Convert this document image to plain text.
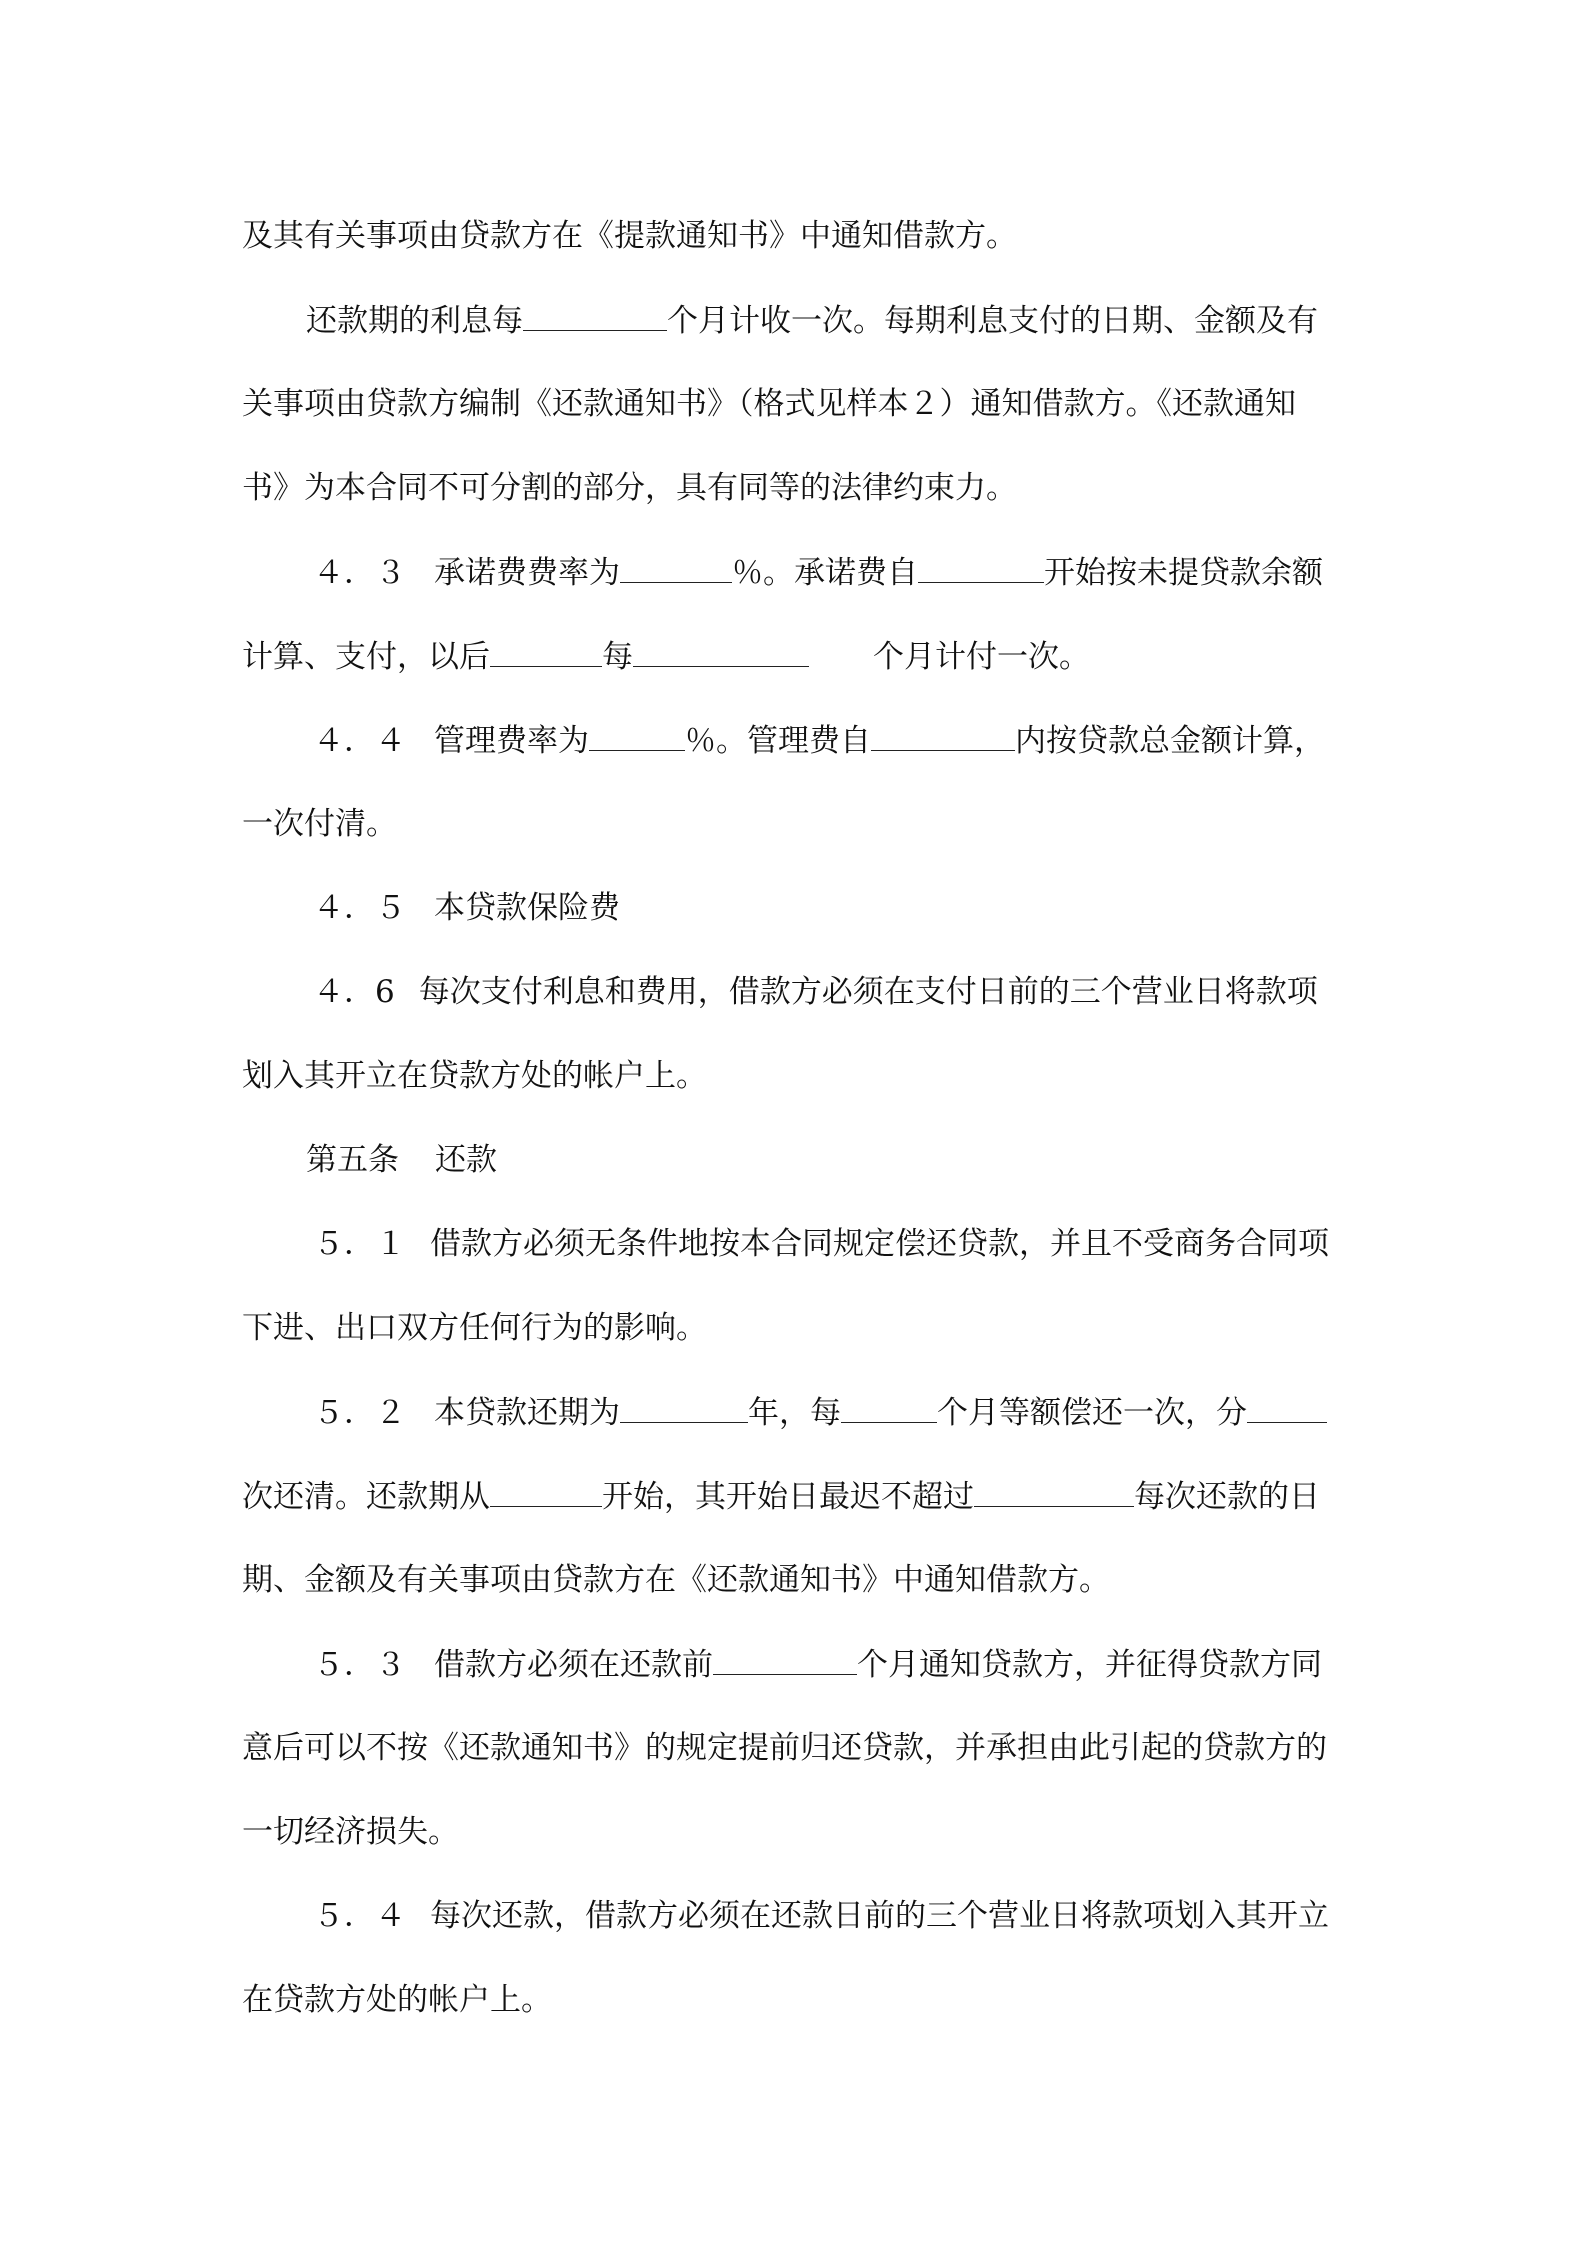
及其有关事项由贷款方在《提款通知书》中通知借款方。
还款期的利息每	个月计收一次。每期利息支付的日期、金额及有
关事项由贷款方编制《还款通知书》（格式见样本２）通知借款方。《还款通知
书》为本合同不可分割的部分，具有同等的法律约束力。
４．３ 承诺费费率为	％。承诺费自	开始按未提贷款余额
计算、支付，以后	每	个月计付一次。
４．４ 管理费率为	％。管理费自	内按贷款总金额计算，
一次付清。
４．５ 本贷款保险费
４．6 每次支付利息和费用，借款方必须在支付日前的三个营业日将款项
划入其开立在贷款方处的帐户上。
第五条 还款
５．１ 借款方必须无条件地按本合同规定偿还贷款，并且不受商务合同项
下进、出口双方任何行为的影响。
５．２ 本贷款还期为	年，每	个月等额偿还一次，分
次还清。还款期从	开始，其开始日最迟不超过	每次还款的日
期、金额及有关事项由贷款方在《还款通知书》中通知借款方。
５．３ 借款方必须在还款前	个月通知贷款方，并征得贷款方同
意后可以不按《还款通知书》的规定提前归还贷款，并承担由此引起的贷款方的
一切经济损失。
５．４ 每次还款，借款方必须在还款日前的三个营业日将款项划入其开立
在贷款方处的帐户上。
